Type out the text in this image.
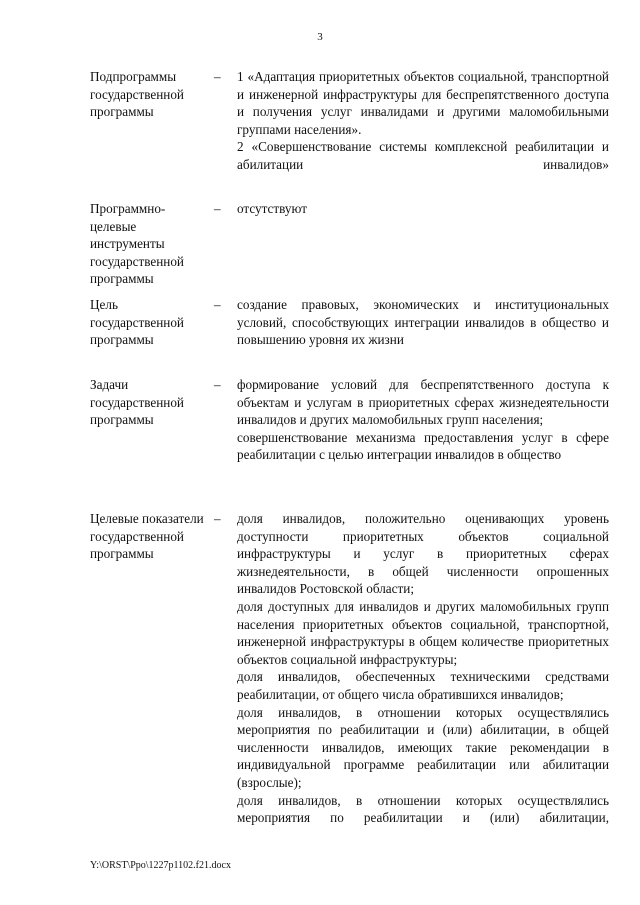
3
Подпрограммы государственной программы
–	1 «Адаптация приоритетных объектов социальной, транспортной и инженерной инфраструктуры для беспрепятственного доступа и получения услуг инвалидами и другими маломобильными группами населения».

2 «Совершенствование системы комплексной реабилитации и абилитации инвалидов»

Программно-целевые инструменты государственной программы
–	отсутствуют

Цель государственной программы
–	создание правовых, экономических и институциональных условий, способствующих интеграции инвалидов в общество и повышению уровня их жизни

Задачи государственной программы
–	формирование условий для беспрепятственного доступа к объектам и услугам в приоритетных сферах жизнедеятельности инвалидов и других маломобильных групп населения;

совершенствование механизма предоставления услуг в сфере реабилитации с целью интеграции инвалидов в общество

Целевые показатели государственной программы
–	доля инвалидов, положительно оценивающих уровень доступности приоритетных объектов социальной инфраструктуры и услуг в приоритетных сферах жизнедеятельности, в общей численности опрошенных инвалидов Ростовской области;

доля доступных для инвалидов и других маломобильных групп населения приоритетных объектов социальной, транспортной, инженерной инфраструктуры в общем количестве приоритетных объектов социальной инфраструктуры;

доля инвалидов, обеспеченных техническими средствами реабилитации, от общего числа обратившихся инвалидов;

доля инвалидов, в отношении которых осуществлялись мероприятия по реабилитации и (или) абилитации, в общей численности инвалидов, имеющих такие рекомендации в индивидуальной программе реабилитации или абилитации (взрослые);

доля инвалидов, в отношении которых осуществлялись мероприятия по реабилитации и (или) абилитации,

Y:\ORST\Ppo\1227p1102.f21.docx
